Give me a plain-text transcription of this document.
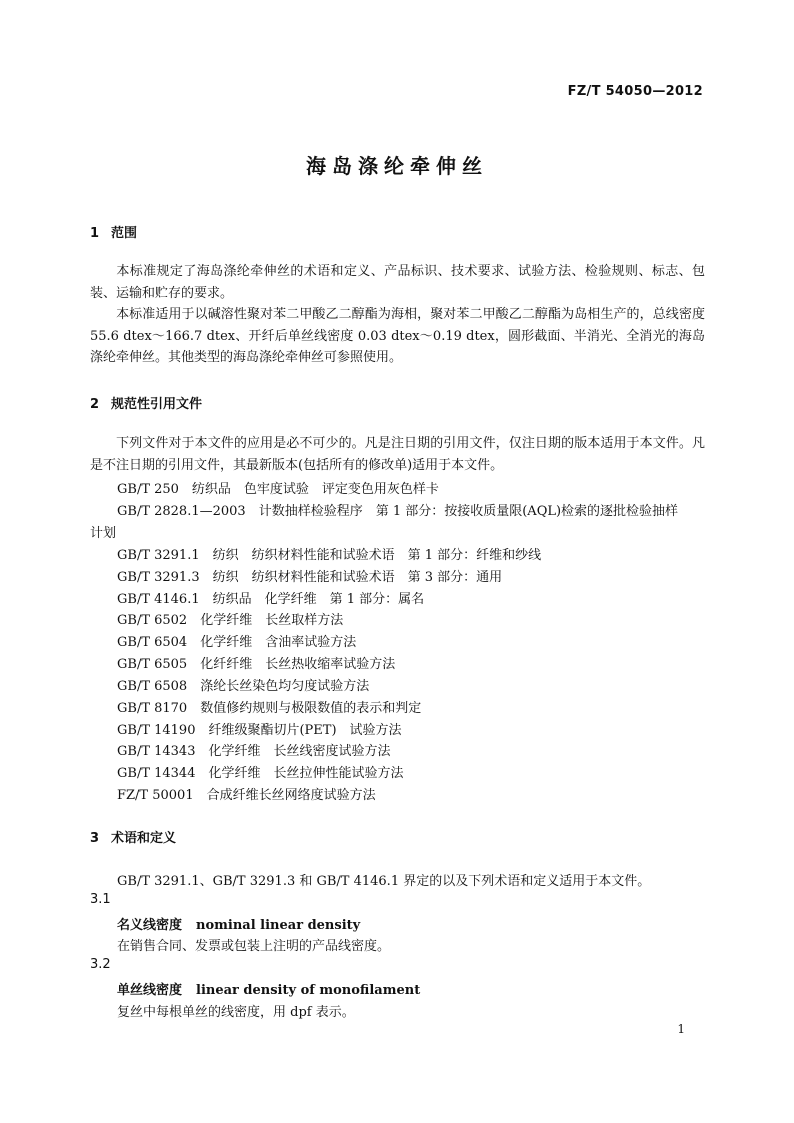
FZ/T 54050—2012
海岛涤纶牵伸丝
1 范围
本标准规定了海岛涤纶牵伸丝的术语和定义、产品标识、技术要求、试验方法、检验规则、标志、包装、运输和贮存的要求。
本标准适用于以碱溶性聚对苯二甲酸乙二醇酯为海相，聚对苯二甲酸乙二醇酯为岛相生产的，总线密度 55.6 dtex～166.7 dtex、开纤后单丝线密度 0.03 dtex～0.19 dtex，圆形截面、半消光、全消光的海岛涤纶牵伸丝。其他类型的海岛涤纶牵伸丝可参照使用。
2 规范性引用文件
下列文件对于本文件的应用是必不可少的。凡是注日期的引用文件，仅注日期的版本适用于本文件。凡是不注日期的引用文件，其最新版本(包括所有的修改单)适用于本文件。
GB/T 250　纺织品　色牢度试验　评定变色用灰色样卡
GB/T 2828.1—2003　计数抽样检验程序　第 1 部分：按接收质量限(AQL)检索的逐批检验抽样
计划
GB/T 3291.1　纺织　纺织材料性能和试验术语　第 1 部分：纤维和纱线
GB/T 3291.3　纺织　纺织材料性能和试验术语　第 3 部分：通用
GB/T 4146.1　纺织品　化学纤维　第 1 部分：属名
GB/T 6502　化学纤维　长丝取样方法
GB/T 6504　化学纤维　含油率试验方法
GB/T 6505　化纤纤维　长丝热收缩率试验方法
GB/T 6508　涤纶长丝染色均匀度试验方法
GB/T 8170　数值修约规则与极限数值的表示和判定
GB/T 14190　纤维级聚酯切片(PET)　试验方法
GB/T 14343　化学纤维　长丝线密度试验方法
GB/T 14344　化学纤维　长丝拉伸性能试验方法
FZ/T 50001　合成纤维长丝网络度试验方法
3 术语和定义
GB/T 3291.1、GB/T 3291.3 和 GB/T 4146.1 界定的以及下列术语和定义适用于本文件。
3.1
名义线密度 nominal linear density
在销售合同、发票或包装上注明的产品线密度。
3.2
单丝线密度 linear density of monofilament
复丝中每根单丝的线密度，用 dpf 表示。
1
